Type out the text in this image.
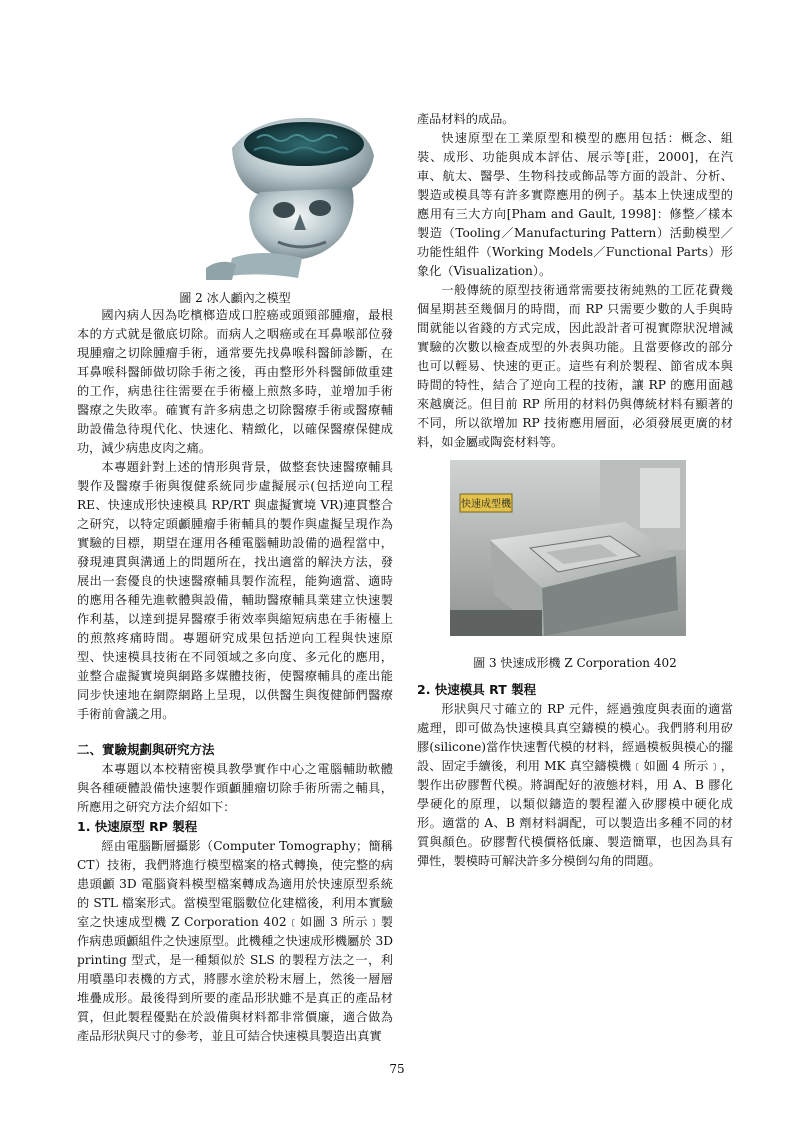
圖 2 冰人顱內之模型

國內病人因為吃檳榔造成口腔癌或頭頸部腫瘤，最根本的方式就是徹底切除。而病人之咽癌或在耳鼻喉部位發現腫瘤之切除腫瘤手術，通常要先找鼻喉科醫師診斷，在耳鼻喉科醫師做切除手術之後，再由整形外科醫師做重建的工作，病患往往需要在手術檯上煎熬多時，並增加手術醫療之失敗率。確實有許多病患之切除醫療手術或醫療輔助設備急待現代化、快速化、精緻化，以確保醫療保健成功，減少病患皮肉之痛。

本專題針對上述的情形與背景，做整套快速醫療輔具製作及醫療手術與復健系統同步虛擬展示(包括逆向工程 RE、快速成形快速模具 RP/RT 與虛擬實境 VR)連貫整合之研究，以特定頭顱腫瘤手術輔具的製作與虛擬呈現作為實驗的目標，期望在運用各種電腦輔助設備的過程當中，發現連貫與溝通上的問題所在，找出適當的解決方法，發展出一套優良的快速醫療輔具製作流程，能夠適當、適時的應用各種先進軟體與設備，輔助醫療輔具業建立快速製作利基，以達到提昇醫療手術效率與縮短病患在手術檯上的煎熬疼痛時間。專題研究成果包括逆向工程與快速原型、快速模具技術在不同領域之多向度、多元化的應用，並整合虛擬實境與網路多媒體技術，使醫療輔具的產出能同步快速地在網際網路上呈現，以供醫生與復健師們醫療手術前會議之用。

二、實驗規劃與研究方法

本專題以本校精密模具教學實作中心之電腦輔助軟體與各種硬體設備快速製作頭顱腫瘤切除手術所需之輔具，所應用之研究方法介紹如下：

1. 快速原型 RP 製程

經由電腦斷層攝影（Computer Tomography；簡稱 CT）技術，我們將進行模型檔案的格式轉換，使完整的病患頭顱 3D 電腦資料模型檔案轉成為適用於快速原型系統的 STL 檔案形式。當模型電腦數位化建檔後，利用本實驗室之快速成型機 Z Corporation 402﹝如圖 3 所示﹞製作病患頭顱組件之快速原型。此機種之快速成形機屬於 3D printing 型式，是一種類似於 SLS 的製程方法之一，利用噴墨印表機的方式，將膠水塗於粉末層上，然後一層層堆疊成形。最後得到所要的產品形狀雖不是真正的產品材質，但此製程優點在於設備與材料都非常價廉，適合做為產品形狀與尺寸的參考，並且可結合快速模具製造出真實

產品材料的成品。

快速原型在工業原型和模型的應用包括：概念、組裝、成形、功能與成本評估、展示等[莊，2000]，在汽車、航太、醫學、生物科技或飾品等方面的設計、分析、製造或模具等有許多實際應用的例子。基本上快速成型的應用有三大方向[Pham and Gault, 1998]：修整／樣本製造（Tooling／Manufacturing Pattern）活動模型／功能性組件（Working Models／Functional Parts）形象化（Visualization）。

一般傳統的原型技術通常需要技術純熟的工匠花費幾個星期甚至幾個月的時間，而 RP 只需要少數的人手與時間就能以省錢的方式完成，因此設計者可視實際狀況增減實驗的次數以檢查成型的外表與功能。且當要修改的部分也可以輕易、快速的更正。這些有利於製程、節省成本與時間的特性，結合了逆向工程的技術，讓 RP 的應用面越來越廣泛。但目前 RP 所用的材料仍與傳統材料有顯著的不同，所以欲增加 RP 技術應用層面，必須發展更廣的材料，如金屬或陶瓷材料等。

快速成型機

圖 3 快速成形機 Z Corporation 402

2. 快速模具 RT 製程

形狀與尺寸確立的 RP 元件，經過強度與表面的適當處理，即可做為快速模具真空鑄模的模心。我們將利用矽膠(silicone)當作快速暫代模的材料，經過模板與模心的擺設、固定手續後，利用 MK 真空鑄模機﹝如圖 4 所示﹞，製作出矽膠暫代模。將調配好的液態材料，用 A、B 膠化學硬化的原理，以類似鑄造的製程灌入矽膠模中硬化成形。適當的 A、B 劑材料調配，可以製造出多種不同的材質與顏色。矽膠暫代模價格低廉、製造簡單，也因為具有彈性，製模時可解決許多分模倒勾角的問題。

75
